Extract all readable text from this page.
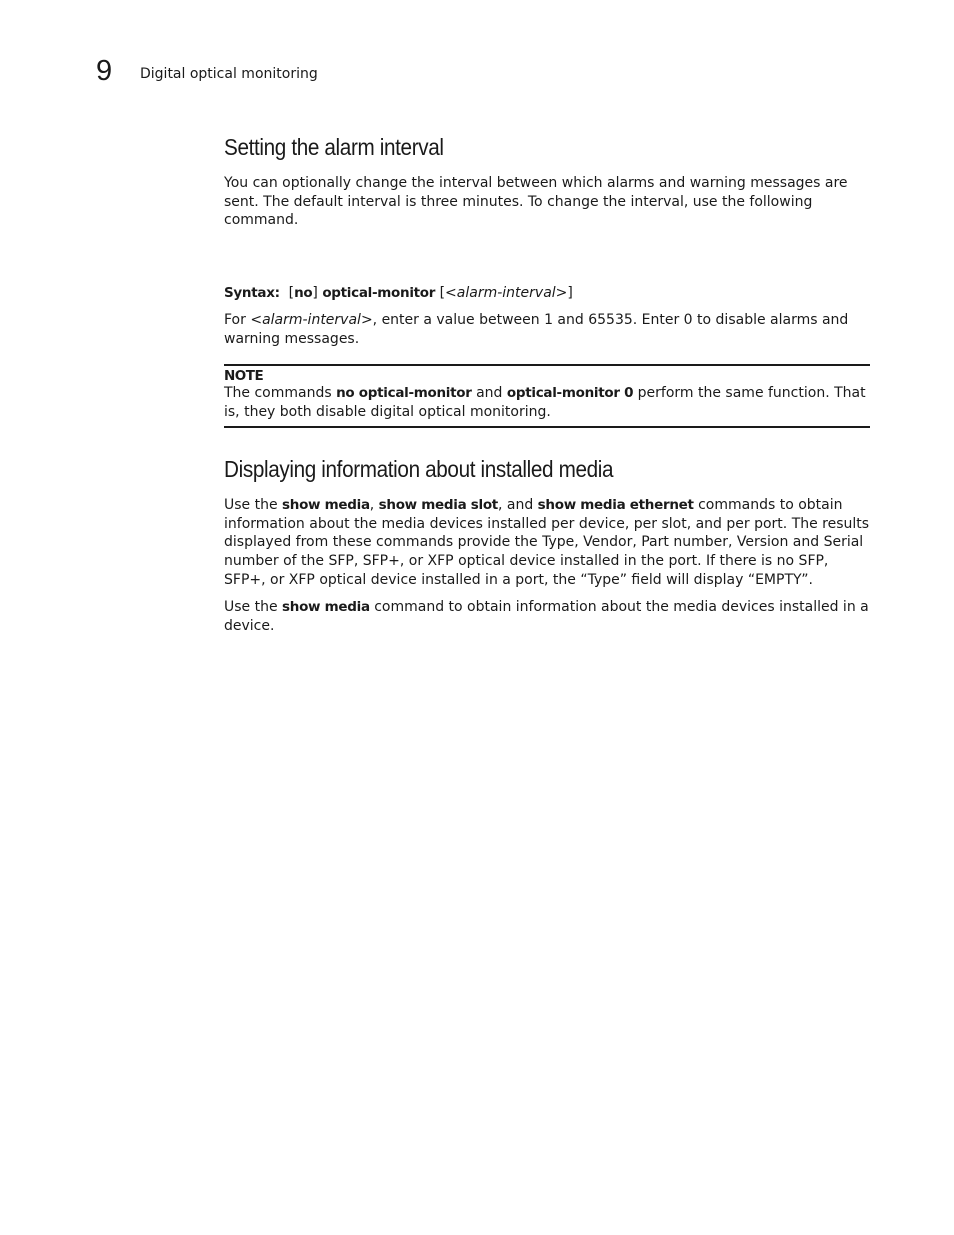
9 Digital optical monitoring
Setting the alarm interval

You can optionally change the interval between which alarms and warning messages are sent. The default interval is three minutes. To change the interval, use the following command.

Syntax: [no] optical-monitor [<alarm-interval>]

For <alarm-interval>, enter a value between 1 and 65535. Enter 0 to disable alarms and warning messages.

NOTE

The commands no optical-monitor and optical-monitor 0 perform the same function. That is, they both disable digital optical monitoring.

Displaying information about installed media

Use the show media, show media slot, and show media ethernet commands to obtain information about the media devices installed per device, per slot, and per port. The results displayed from these commands provide the Type, Vendor, Part number, Version and Serial number of the SFP, SFP+, or XFP optical device installed in the port. If there is no SFP, SFP+, or XFP optical device installed in a port, the “Type” field will display “EMPTY”.

Use the show media command to obtain information about the media devices installed in a device.
